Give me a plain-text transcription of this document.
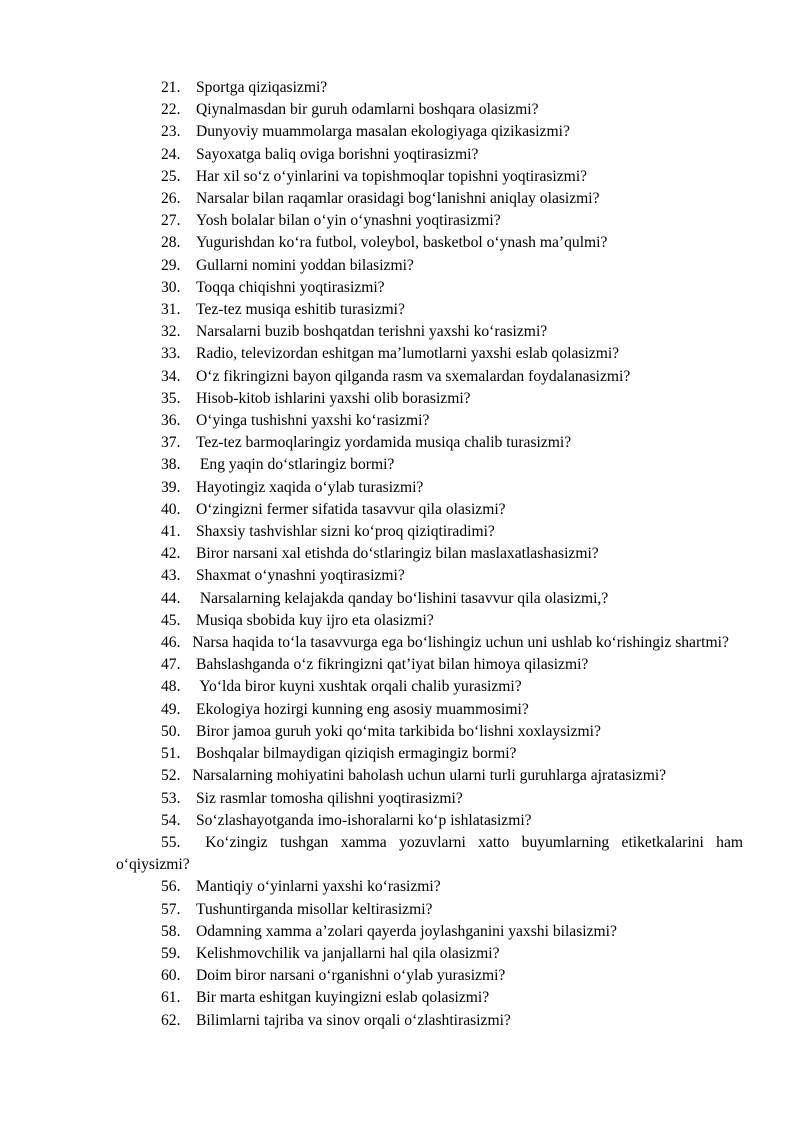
21. Sportga qiziqasizmi?
22. Qiynalmasdan bir guruh odamlarni boshqara olasizmi?
23. Dunyoviy muammolarga masalan ekologiyaga qizikasizmi?
24. Sayoxatga baliq oviga borishni yoqtirasizmi?
25. Har xil so‘z o‘yinlarini va topishmoqlar topishni yoqtirasizmi?
26. Narsalar bilan raqamlar orasidagi bog‘lanishni aniqlay olasizmi?
27. Yosh bolalar bilan o‘yin o‘ynashni yoqtirasizmi?
28. Yugurishdan ko‘ra futbol, voleybol, basketbol o‘ynash ma’qulmi?
29. Gullarni nomini yoddan bilasizmi?
30. Toqqa chiqishni yoqtirasizmi?
31. Tez-tez musiqa eshitib turasizmi?
32. Narsalarni buzib boshqatdan terishni yaxshi ko‘rasizmi?
33. Radio, televizordan eshitgan ma’lumotlarni yaxshi eslab qolasizmi?
34. O‘z fikringizni bayon qilganda rasm va sxemalardan foydalanasizmi?
35. Hisob-kitob ishlarini yaxshi olib borasizmi?
36. O‘yinga tushishni yaxshi ko‘rasizmi?
37. Tez-tez barmoqlaringiz yordamida musiqa chalib turasizmi?
38. Eng yaqin do‘stlaringiz bormi?
39. Hayotingiz xaqida o‘ylab turasizmi?
40. O‘zingizni fermer sifatida tasavvur qila olasizmi?
41. Shaxsiy tashvishlar sizni ko‘proq qiziqtiradimi?
42. Biror narsani xal etishda do‘stlaringiz bilan maslaxatlashasizmi?
43. Shaxmat o‘ynashni yoqtirasizmi?
44. Narsalarning kelajakda qanday bo‘lishini tasavvur qila olasizmi,?
45. Musiqa sbobida kuy ijro eta olasizmi?
46.   Narsa haqida to‘la tasavvurga ega bo‘lishingiz uchun uni ushlab ko‘rishingiz shartmi?
47. Bahslashganda o‘z fikringizni qat’iyat bilan himoya qilasizmi?
48. Yo‘lda biror kuyni xushtak orqali chalib yurasizmi?
49. Ekologiya hozirgi kunning eng asosiy muammosimi?
50. Biror jamoa guruh yoki qo‘mita tarkibida bo‘lishni xoxlaysizmi?
51. Boshqalar bilmaydigan qiziqish ermagingiz bormi?
52.   Narsalarning mohiyatini baholash uchun ularni turli guruhlarga ajratasizmi?
53. Siz rasmlar tomosha qilishni yoqtirasizmi?
54. So‘zlashayotganda imo-ishoralarni ko‘p ishlatasizmi?
55. Ko‘zingiz tushgan xamma yozuvlarni xatto buyumlarning etiketkalarini ham o‘qiysizmi?
56. Mantiqiy o‘yinlarni yaxshi ko‘rasizmi?
57. Tushuntirganda misollar keltirasizmi?
58. Odamning xamma a’zolari qayerda joylashganini yaxshi bilasizmi?
59. Kelishmovchilik va janjallarni hal qila olasizmi?
60. Doim biror narsani o‘rganishni o‘ylab yurasizmi?
61. Bir marta eshitgan kuyingizni eslab qolasizmi?
62. Bilimlarni tajriba va sinov orqali o‘zlashtirasizmi?
